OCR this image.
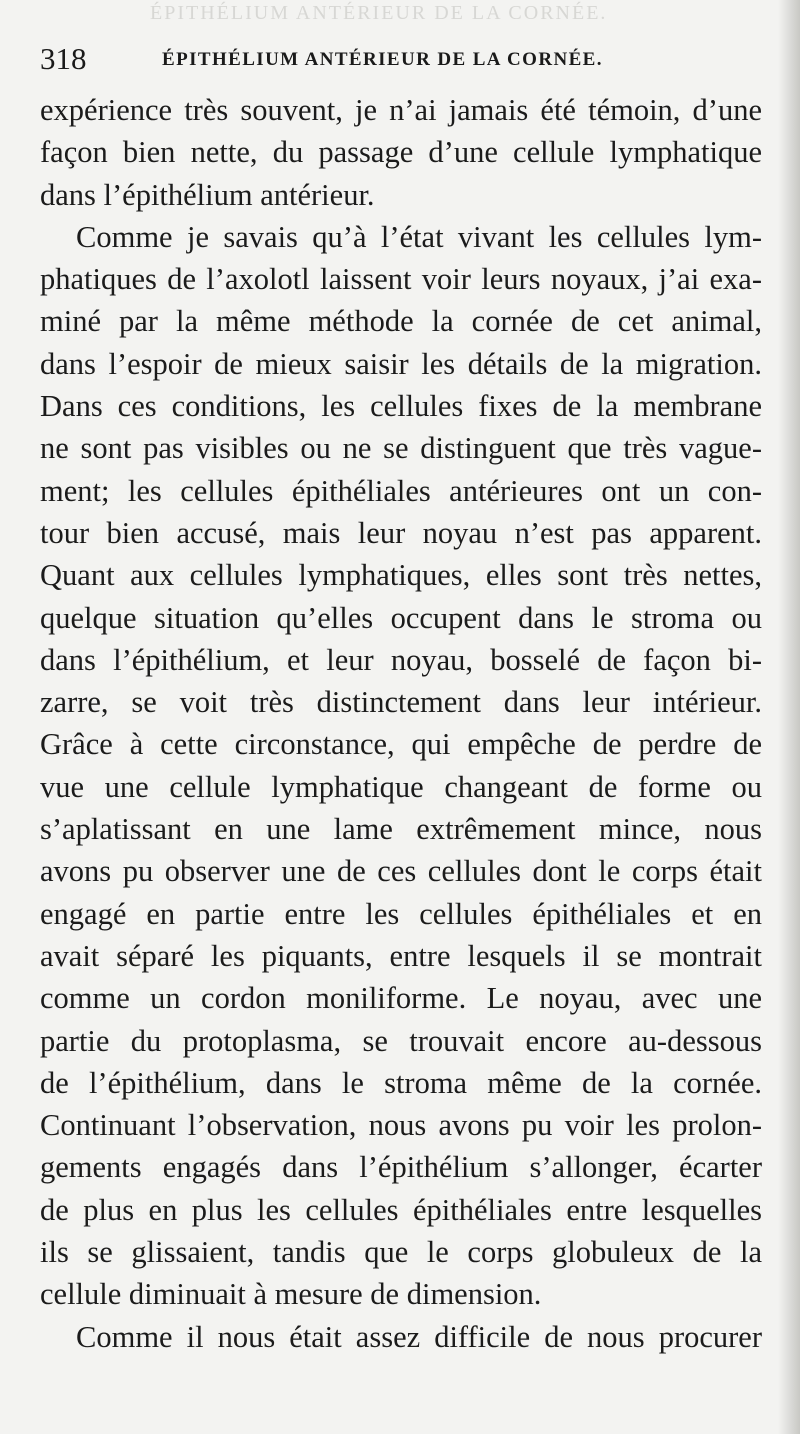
ÉPITHÉLIUM ANTÉRIEUR DE LA CORNÉE.
318	ÉPITHÉLIUM ANTÉRIEUR DE LA CORNÉE.
expérience très souvent, je n’ai jamais été témoin, d’une
façon bien nette, du passage d’une cellule lymphatique
dans l’épithélium antérieur.
Comme je savais qu’à l’état vivant les cellules lym-
phatiques de l’axolotl laissent voir leurs noyaux, j’ai exa-
miné par la même méthode la cornée de cet animal,
dans l’espoir de mieux saisir les détails de la migration.
Dans ces conditions, les cellules fixes de la membrane
ne sont pas visibles ou ne se distinguent que très vague-
ment; les cellules épithéliales antérieures ont un con-
tour bien accusé, mais leur noyau n’est pas apparent.
Quant aux cellules lymphatiques, elles sont très nettes,
quelque situation qu’elles occupent dans le stroma ou
dans l’épithélium, et leur noyau, bosselé de façon bi-
zarre, se voit très distinctement dans leur intérieur.
Grâce à cette circonstance, qui empêche de perdre de
vue une cellule lymphatique changeant de forme ou
s’aplatissant en une lame extrêmement mince, nous
avons pu observer une de ces cellules dont le corps était
engagé en partie entre les cellules épithéliales et en
avait séparé les piquants, entre lesquels il se montrait
comme un cordon moniliforme. Le noyau, avec une
partie du protoplasma, se trouvait encore au-dessous
de l’épithélium, dans le stroma même de la cornée.
Continuant l’observation, nous avons pu voir les prolon-
gements engagés dans l’épithélium s’allonger, écarter
de plus en plus les cellules épithéliales entre lesquelles
ils se glissaient, tandis que le corps globuleux de la
cellule diminuait à mesure de dimension.
Comme il nous était assez difficile de nous procurer
